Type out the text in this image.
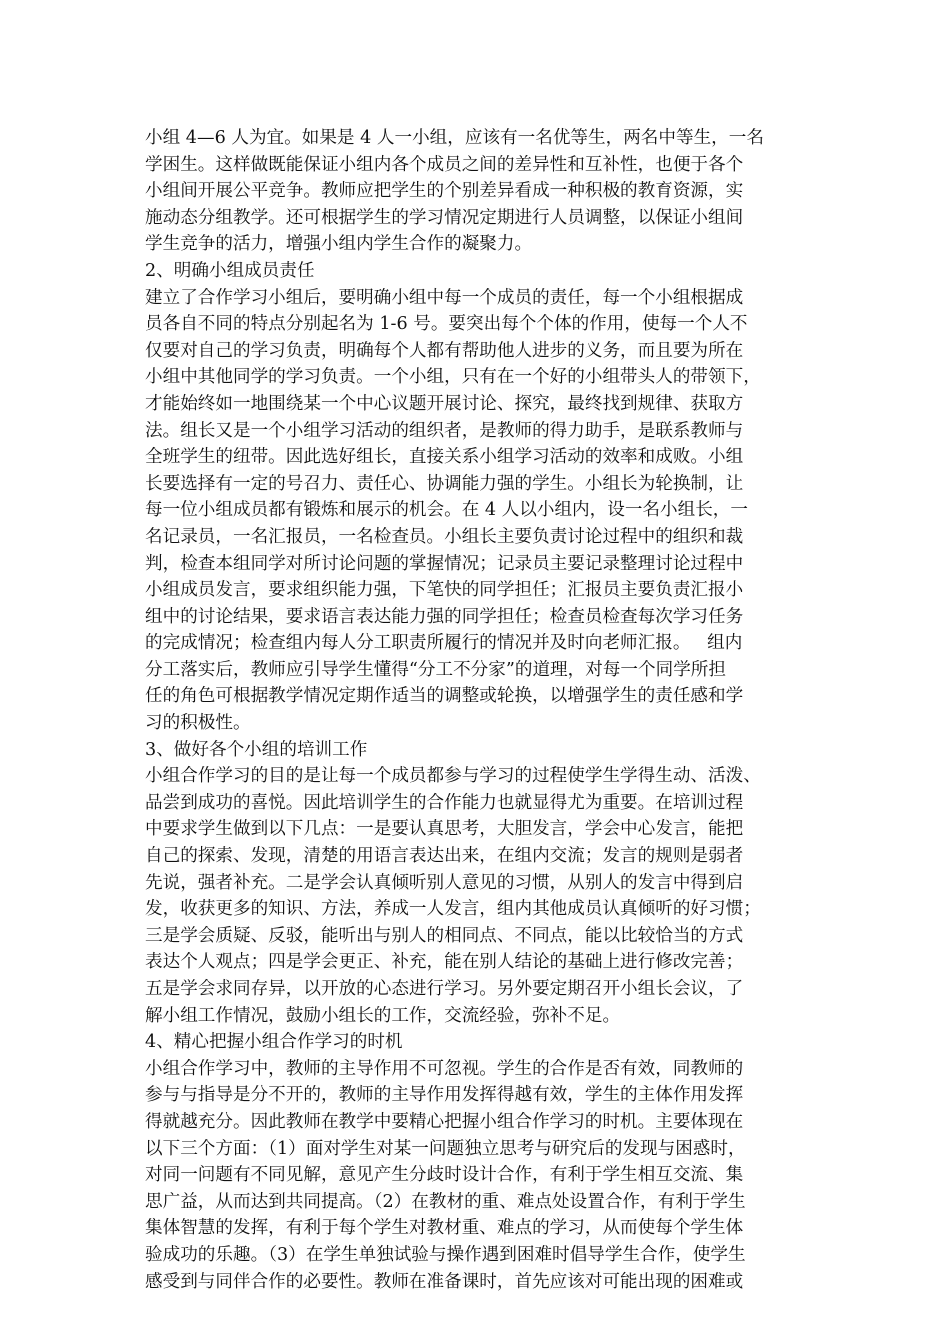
小组 4—6 人为宜。如果是 4 人一小组，应该有一名优等生，两名中等生，一名
学困生。这样做既能保证小组内各个成员之间的差异性和互补性，也便于各个
小组间开展公平竞争。教师应把学生的个别差异看成一种积极的教育资源，实
施动态分组教学。还可根据学生的学习情况定期进行人员调整，以保证小组间
学生竞争的活力，增强小组内学生合作的凝聚力。
2、明确小组成员责任
建立了合作学习小组后，要明确小组中每一个成员的责任，每一个小组根据成
员各自不同的特点分别起名为 1-6 号。要突出每个个体的作用，使每一个人不
仅要对自己的学习负责，明确每个人都有帮助他人进步的义务，而且要为所在
小组中其他同学的学习负责。一个小组，只有在一个好的小组带头人的带领下，
才能始终如一地围绕某一个中心议题开展讨论、探究，最终找到规律、获取方
法。组长又是一个小组学习活动的组织者，是教师的得力助手，是联系教师与
全班学生的纽带。因此选好组长，直接关系小组学习活动的效率和成败。小组
长要选择有一定的号召力、责任心、协调能力强的学生。小组长为轮换制，让
每一位小组成员都有锻炼和展示的机会。在 4 人以小组内，设一名小组长，一
名记录员，一名汇报员，一名检查员。小组长主要负责讨论过程中的组织和裁
判，检查本组同学对所讨论问题的掌握情况；记录员主要记录整理讨论过程中
小组成员发言，要求组织能力强，下笔快的同学担任；汇报员主要负责汇报小
组中的讨论结果，要求语言表达能力强的同学担任；检查员检查每次学习任务
的完成情况；检查组内每人分工职责所履行的情况并及时向老师汇报。   组内
分工落实后，教师应引导学生懂得“分工不分家”的道理，对每一个同学所担
任的角色可根据教学情况定期作适当的调整或轮换，以增强学生的责任感和学
习的积极性。
3、做好各个小组的培训工作
小组合作学习的目的是让每一个成员都参与学习的过程使学生学得生动、活泼、
品尝到成功的喜悦。因此培训学生的合作能力也就显得尤为重要。在培训过程
中要求学生做到以下几点：一是要认真思考，大胆发言，学会中心发言，能把
自己的探索、发现，清楚的用语言表达出来，在组内交流；发言的规则是弱者
先说，强者补充。二是学会认真倾听别人意见的习惯，从别人的发言中得到启
发，收获更多的知识、方法，养成一人发言，组内其他成员认真倾听的好习惯；
三是学会质疑、反驳，能听出与别人的相同点、不同点，能以比较恰当的方式
表达个人观点；四是学会更正、补充，能在别人结论的基础上进行修改完善；
五是学会求同存异，以开放的心态进行学习。另外要定期召开小组长会议，了
解小组工作情况，鼓励小组长的工作，交流经验，弥补不足。
4、精心把握小组合作学习的时机
小组合作学习中，教师的主导作用不可忽视。学生的合作是否有效，同教师的
参与与指导是分不开的，教师的主导作用发挥得越有效，学生的主体作用发挥
得就越充分。因此教师在教学中要精心把握小组合作学习的时机。主要体现在
以下三个方面：（1）面对学生对某一问题独立思考与研究后的发现与困惑时，
对同一问题有不同见解，意见产生分歧时设计合作，有利于学生相互交流、集
思广益，从而达到共同提高。（2）在教材的重、难点处设置合作，有利于学生
集体智慧的发挥，有利于每个学生对教材重、难点的学习，从而使每个学生体
验成功的乐趣。（3）在学生单独试验与操作遇到困难时倡导学生合作，使学生
感受到与同伴合作的必要性。教师在准备课时，首先应该对可能出现的困难或
